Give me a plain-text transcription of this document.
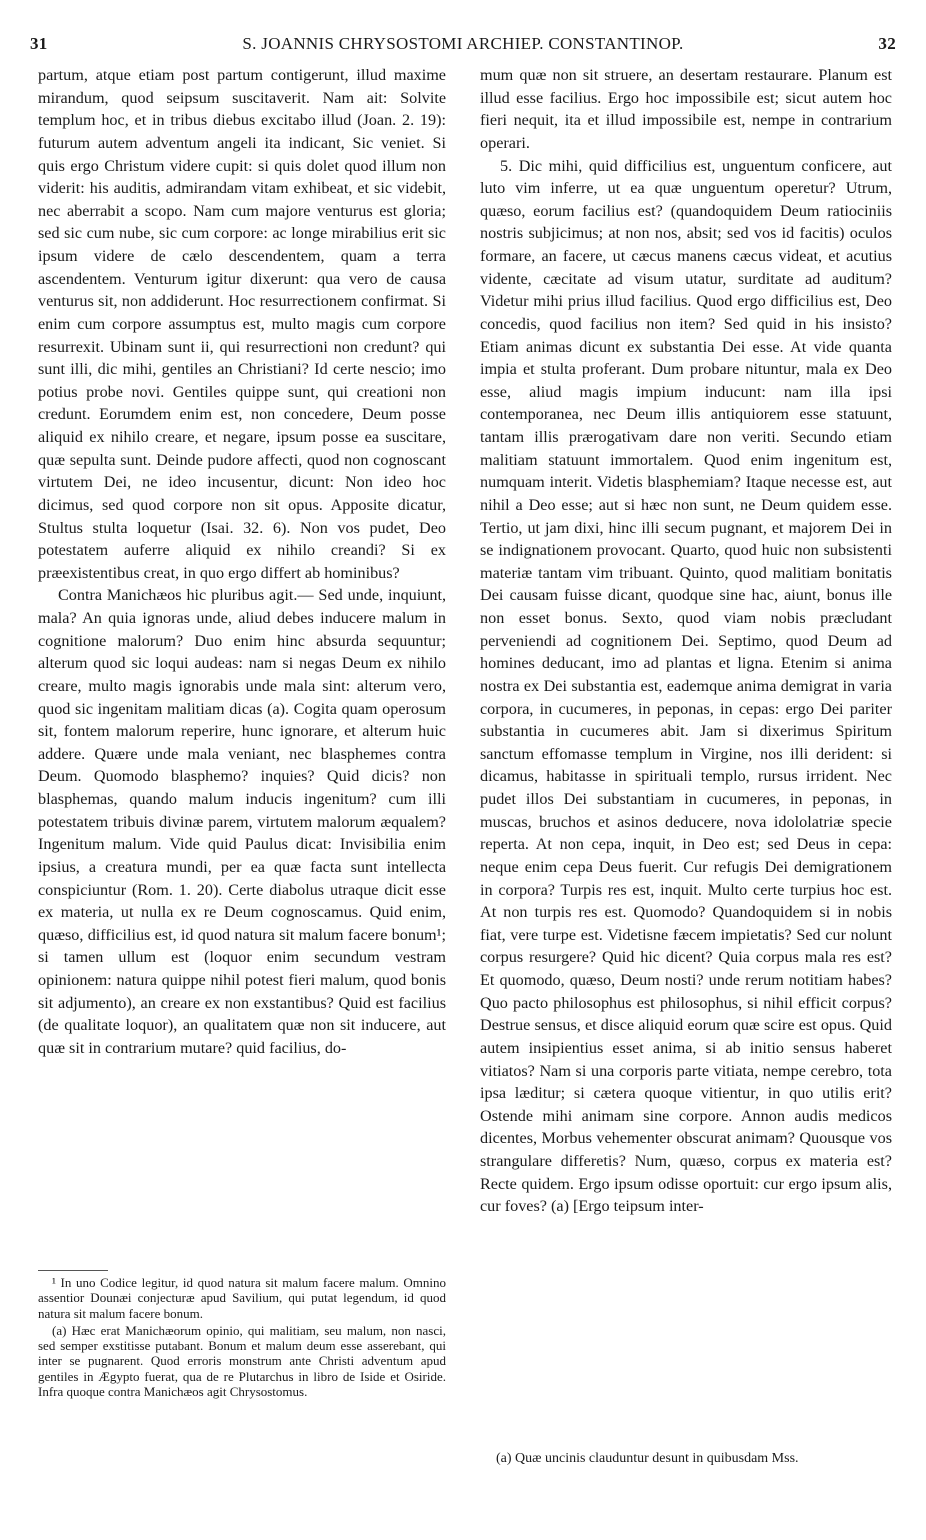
31	S. JOANNIS CHRYSOSTOMI ARCHIEP. CONSTANTINOP.	32

partum, atque etiam post partum contigerunt, illud maxime mirandum, quod seipsum suscitaverit. Nam ait: Solvite templum hoc, et in tribus diebus excitabo illud (Joan. 2. 19): futurum autem adventum angeli ita indicant, Sic veniet. Si quis ergo Christum videre cupit: si quis dolet quod illum non viderit: his auditis, admirandam vitam exhibeat, et sic videbit, nec aberrabit a scopo. Nam cum majore venturus est gloria; sed sic cum nube, sic cum corpore: ac longe mirabilius erit sic ipsum videre de cælo descendentem, quam a terra ascendentem. Venturum igitur dixerunt: qua vero de causa venturus sit, non addiderunt. Hoc resurrectionem confirmat. Si enim cum corpore assumptus est, multo magis cum corpore resurrexit. Ubinam sunt ii, qui resurrectioni non credunt? qui sunt illi, dic mihi, gentiles an Christiani? Id certe nescio; imo potius probe novi. Gentiles quippe sunt, qui creationi non credunt. Eorumdem enim est, non concedere, Deum posse aliquid ex nihilo creare, et negare, ipsum posse ea suscitare, quæ sepulta sunt. Deinde pudore affecti, quod non cognoscant virtutem Dei, ne ideo incusentur, dicunt: Non ideo hoc dicimus, sed quod corpore non sit opus. Apposite dicatur, Stultus stulta loquetur (Isai. 32. 6). Non vos pudet, Deo potestatem auferre aliquid ex nihilo creandi? Si ex præexistentibus creat, in quo ergo differt ab hominibus?

Contra Manichæos hic pluribus agit.— Sed unde, inquiunt, mala? An quia ignoras unde, aliud debes inducere malum in cognitione malorum? Duo enim hinc absurda sequuntur; alterum quod sic loqui audeas: nam si negas Deum ex nihilo creare, multo magis ignorabis unde mala sint: alterum vero, quod sic ingenitam malitiam dicas (a). Cogita quam operosum sit, fontem malorum reperire, hunc ignorare, et alterum huic addere. Quære unde mala veniant, nec blasphemes contra Deum. Quomodo blasphemo? inquies? Quid dicis? non blasphemas, quando malum inducis ingenitum? cum illi potestatem tribuis divinæ parem, virtutem malorum æqualem? Ingenitum malum. Vide quid Paulus dicat: Invisibilia enim ipsius, a creatura mundi, per ea quæ facta sunt intellecta conspiciuntur (Rom. 1. 20). Certe diabolus utraque dicit esse ex materia, ut nulla ex re Deum cognoscamus. Quid enim, quæso, difficilius est, id quod natura sit malum facere bonum¹; si tamen ullum est (loquor enim secundum vestram opinionem: natura quippe nihil potest fieri malum, quod bonis sit adjumento), an creare ex non exstantibus? Quid est facilius (de qualitate loquor), an qualitatem quæ non sit inducere, aut quæ sit in contrarium mutare? quid facilius, do-

¹ In uno Codice legitur, id quod natura sit malum facere malum. Omnino assentior Dounæi conjecturæ apud Savilium, qui putat legendum, id quod natura sit malum facere bonum.

(a) Hæc erat Manichæorum opinio, qui malitiam, seu malum, non nasci, sed semper exstitisse putabant. Bonum et malum deum esse asserebant, qui inter se pugnarent. Quod erroris monstrum ante Christi adventum apud gentiles in Ægypto fuerat, qua de re Plutarchus in libro de Iside et Osiride. Infra quoque contra Manichæos agit Chrysostomus.

mum quæ non sit struere, an desertam restaurare. Planum est illud esse facilius. Ergo hoc impossibile est; sicut autem hoc fieri nequit, ita et illud impossibile est, nempe in contrarium operari.

5. Dic mihi, quid difficilius est, unguentum conficere, aut luto vim inferre, ut ea quæ unguentum operetur? Utrum, quæso, eorum facilius est? (quandoquidem Deum ratiociniis nostris subjicimus; at non nos, absit; sed vos id facitis) oculos formare, an facere, ut cæcus manens cæcus videat, et acutius vidente, cæcitate ad visum utatur, surditate ad auditum? Videtur mihi prius illud facilius. Quod ergo difficilius est, Deo concedis, quod facilius non item? Sed quid in his insisto? Etiam animas dicunt ex substantia Dei esse. At vide quanta impia et stulta proferant. Dum probare nituntur, mala ex Deo esse, aliud magis impium inducunt: nam illa ipsi contemporanea, nec Deum illis antiquiorem esse statuunt, tantam illis prærogativam dare non veriti. Secundo etiam malitiam statuunt immortalem. Quod enim ingenitum est, numquam interit. Videtis blasphemiam? Itaque necesse est, aut nihil a Deo esse; aut si hæc non sunt, ne Deum quidem esse. Tertio, ut jam dixi, hinc illi secum pugnant, et majorem Dei in se indignationem provocant. Quarto, quod huic non subsistenti materiæ tantam vim tribuant. Quinto, quod malitiam bonitatis Dei causam fuisse dicant, quodque sine hac, aiunt, bonus ille non esset bonus. Sexto, quod viam nobis præcludant perveniendi ad cognitionem Dei. Septimo, quod Deum ad homines deducant, imo ad plantas et ligna. Etenim si anima nostra ex Dei substantia est, eademque anima demigrat in varia corpora, in cucumeres, in peponas, in cepas: ergo Dei pariter substantia in cucumeres abit. Jam si dixerimus Spiritum sanctum effomasse templum in Virgine, nos illi derident: si dicamus, habitasse in spirituali templo, rursus irrident. Nec pudet illos Dei substantiam in cucumeres, in peponas, in muscas, bruchos et asinos deducere, nova idololatriæ specie reperta. At non cepa, inquit, in Deo est; sed Deus in cepa: neque enim cepa Deus fuerit. Cur refugis Dei demigrationem in corpora? Turpis res est, inquit. Multo certe turpius hoc est. At non turpis res est. Quomodo? Quandoquidem si in nobis fiat, vere turpe est. Videtisne fæcem impietatis? Sed cur nolunt corpus resurgere? Quid hic dicent? Quia corpus mala res est? Et quomodo, quæso, Deum nosti? unde rerum notitiam habes? Quo pacto philosophus est philosophus, si nihil efficit corpus? Destrue sensus, et disce aliquid eorum quæ scire est opus. Quid autem insipientius esset anima, si ab initio sensus haberet vitiatos? Nam si una corporis parte vitiata, nempe cerebro, tota ipsa læditur; si cætera quoque vitientur, in quo utilis erit? Ostende mihi animam sine corpore. Annon audis medicos dicentes, Morbus vehementer obscurat animam? Quousque vos strangulare differetis? Num, quæso, corpus ex materia est? Recte quidem. Ergo ipsum odisse oportuit: cur ergo ipsum alis, cur foves? (a) [Ergo teipsum inter-

(a) Quæ uncinis clauduntur desunt in quibusdam Mss.
